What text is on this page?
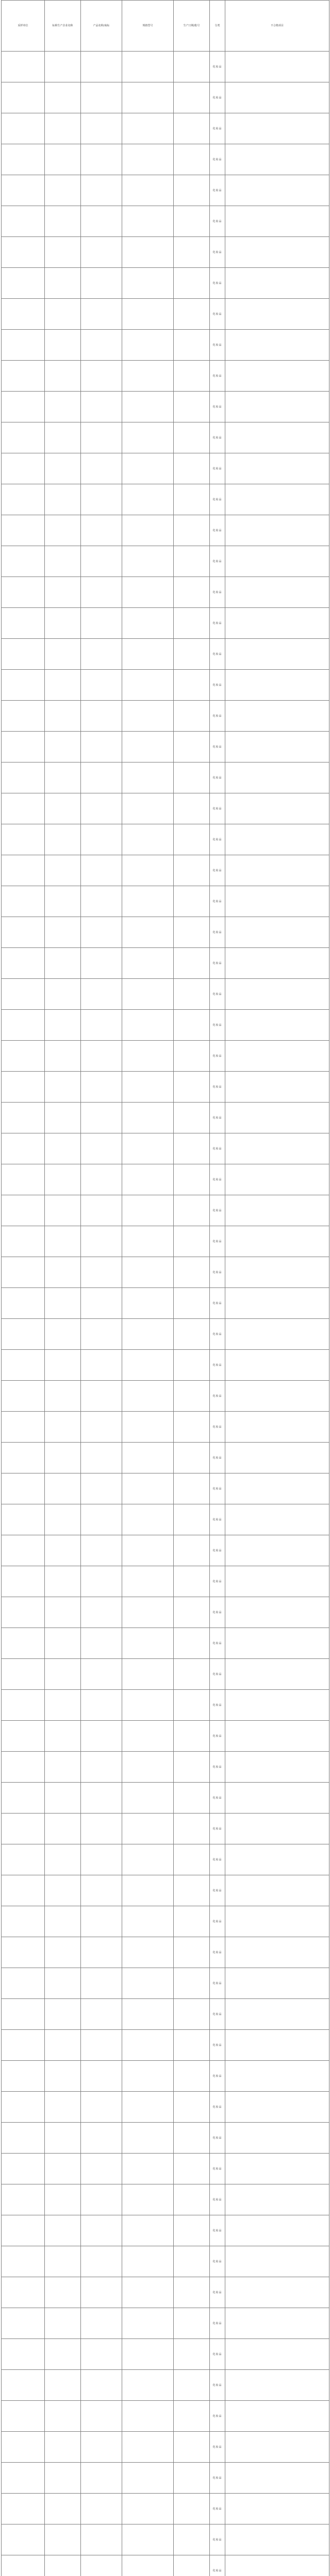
采样单位	标称生产企业名称	产品名称/商标	规格型号	生产日期/批号	分类	不合格项目
					化妆品	
					化妆品	
					化妆品	
					化妆品	
					化妆品	
					化妆品	
					化妆品	
					化妆品	
					化妆品	
					化妆品	
					化妆品	
					化妆品	
					化妆品	
					化妆品	
					化妆品	
					化妆品	
					化妆品	
					化妆品	
					化妆品	
					化妆品	
					化妆品	
					化妆品	
					化妆品	
					化妆品	
					化妆品	
					化妆品	
					化妆品	
					化妆品	
					化妆品	
					化妆品	
					化妆品	
					化妆品	
					化妆品	
					化妆品	
					化妆品	
					化妆品	
					化妆品	
					化妆品	
					化妆品	
					化妆品	
					化妆品	
					化妆品	
					化妆品	
					化妆品	
					化妆品	
					化妆品	
					化妆品	
					化妆品	
					化妆品	
					化妆品	
					化妆品	
					化妆品	
					化妆品	
					化妆品	
					化妆品	
					化妆品	
					化妆品	
					化妆品	
					化妆品	
					化妆品	
					化妆品	
					化妆品	
					化妆品	
					化妆品	
					化妆品	
					化妆品	
					化妆品	
					化妆品	
					化妆品	
					化妆品	
					化妆品	
					化妆品	
					化妆品	
					化妆品	
					化妆品	
					化妆品	
					化妆品	
					化妆品	
					化妆品	
					化妆品	
					化妆品	
					化妆品	
